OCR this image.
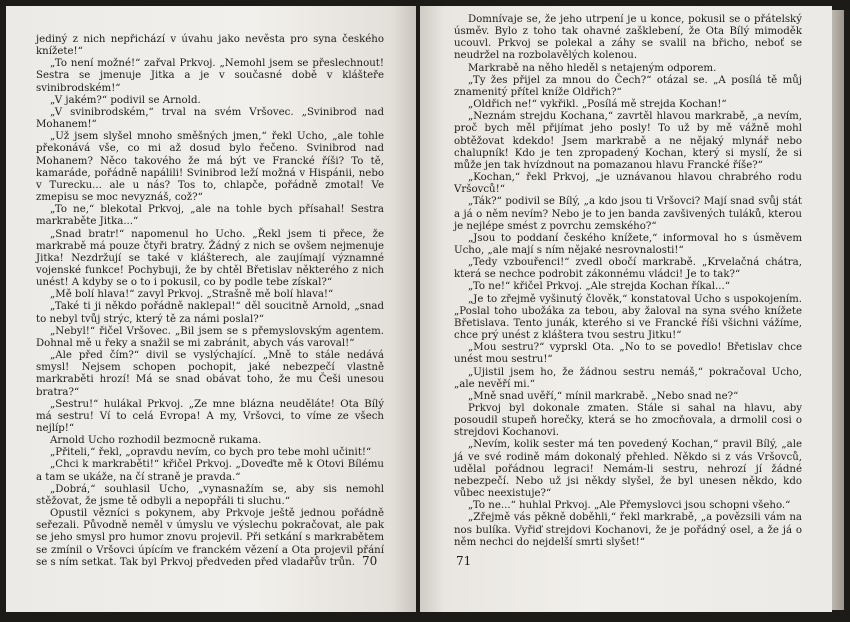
jediný z nich nepřichází v úvahu jako nevěsta pro syna českého knížete!“

„To není možné!“ zařval Prkvoj. „Nemohl jsem se přeslechnout! Sestra se jmenuje Jitka a je v současné době v klášteře svinibrodském!“

„V jakém?“ podivil se Arnold.

„V svinibrodském,“ trval na svém Vršovec. „Svinibrod nad Mohanem!“

„Už jsem slyšel mnoho směšných jmen,“ řekl Ucho, „ale tohle překonává vše, co mi až dosud bylo řečeno. Svinibrod nad Mohanem? Něco takového že má být ve Francké říši? To tě, kamaráde, pořádně napálili! Svinibrod leží možná v Hispánii, nebo v Turecku... ale u nás? Tos to, chlapče, pořádně zmotal! Ve zmepisu se moc nevyznáš, což?“

„To ne,“ blekotal Prkvoj, „ale na tohle bych přísahal! Sestra markraběte Jitka...“

„Snad bratr!“ napomenul ho Ucho. „Řekl jsem ti přece, že markrabě má pouze čtyři bratry. Žádný z nich se ovšem nejmenuje Jitka! Nezdržují se také v klášterech, ale zaujímají významné vojenské funkce! Pochybuji, že by chtěl Břetislav některého z nich unést! A kdyby se o to i pokusil, co by podle tebe získal?“

„Mě bolí hlava!“ zavyl Prkvoj. „Strašně mě bolí hlava!“

„Také ti ji někdo pořádně naklepal!“ děl soucitně Arnold, „snad to nebyl tvůj strýc, který tě za námi poslal?“

„Nebyl!“ řičel Vršovec. „Bil jsem se s přemyslovským agentem. Dohnal mě u řeky a snažil se mi zabránit, abych vás varoval!“

„Ale před čím?“ divil se vyslýchající. „Mně to stále nedává smysl! Nejsem schopen pochopit, jaké nebezpečí vlastně markraběti hrozí! Má se snad obávat toho, že mu Češi unesou bratra?“

„Sestru!“ hulákal Prkvoj. „Ze mne blázna neuděláte! Ota Bílý má sestru! Ví to celá Evropa! A my, Vršovci, to víme ze všech nejlíp!“

Arnold Ucho rozhodil bezmocně rukama.

„Přiteli,“ řekl, „opravdu nevím, co bych pro tebe mohl učinit!“

„Chci k markraběti!“ křičel Prkvoj. „Doveďte mě k Otovi Bílému a tam se ukáže, na čí straně je pravda.“

„Dobrá,“ souhlasil Ucho, „vynasnažím se, aby sis nemohl stěžovat, že jsme tě odbyli a nepopřáli ti sluchu.“

Opustil vězníci s pokynem, aby Prkvoje ještě jednou pořádně seřezali. Původně neměl v úmyslu ve výslechu pokračovat, ale pak se jeho smysl pro humor znovu projevil. Při setkání s markrabětem se zmínil o Vršovci úpícím ve franckém vězení a Ota projevil přání se s ním setkat. Tak byl Prkvoj předveden před vladařův trůn. 70

Domnívaje se, že jeho utrpení je u konce, pokusil se o přátelský úsměv. Bylo z toho tak ohavné zašklebení, že Ota Bílý mimoděk ucouvl. Prkvoj se polekal a záhy se svalil na břicho, neboť se neudržel na rozbolavělých kolenou.

Markrabě na něho hleděl s netajeným odporem.

„Ty žes přijel za mnou do Čech?“ otázal se. „A posílá tě můj znamenitý přítel kníže Oldřich?“

„Oldřich ne!“ vykřikl. „Posílá mě strejda Kochan!“

„Neznám strejdu Kochana,“ zavrtěl hlavou markrabě, „a nevím, proč bych měl přijímat jeho posly! To už by mě vážně mohl obtěžovat kdekdo! Jsem markrabě a ne nějaký mlynář nebo chalupník! Kdo je ten zpropadený Kochan, který si myslí, že si může jen tak hvízdnout na pomazanou hlavu Francké říše?“

„Kochan,“ řekl Prkvoj, „je uznávanou hlavou chrabrého rodu Vršovců!“

„Ták?“ podivil se Bílý, „a kdo jsou ti Vršovci? Mají snad svůj stát a já o něm nevím? Nebo je to jen banda zavšivených tuláků, kterou je nejlépe smést z povrchu zemského?“

„Jsou to poddaní českého knížete,“ informoval ho s úsměvem Ucho, „ale mají s ním nějaké nesrovnalosti!“

„Tedy vzbouřenci!“ zvedl obočí markrabě. „Krvelačná chátra, která se nechce podrobit zákonnému vládci! Je to tak?“

„To ne!“ křičel Prkvoj. „Ale strejda Kochan říkal...“

„Je to zřejmě vyšinutý člověk,“ konstatoval Ucho s uspokojením. „Poslal toho ubožáka za tebou, aby žaloval na syna svého knížete Břetislava. Tento junák, kterého si ve Francké říši všichni vážíme, chce prý unést z kláštera tvou sestru Jitku!“

„Mou sestru?“ vyprskl Ota. „No to se povedlo! Břetislav chce unést mou sestru!“

„Ujistil jsem ho, že žádnou sestru nemáš,“ pokračoval Ucho, „ale nevěří mi.“

„Mně snad uvěří,“ mínil markrabě. „Nebo snad ne?“

Prkvoj byl dokonale zmaten. Stále si sahal na hlavu, aby posoudil stupeň horečky, která se ho zmocňovala, a drmolil cosi o strejdovi Kochanovi.

„Nevím, kolik sester má ten povedený Kochan,“ pravil Bílý, „ale já ve své rodině mám dokonalý přehled. Někdo si z vás Vršovců, udělal pořádnou legraci! Nemám-li sestru, nehrozí jí žádné nebezpečí. Nebo už jsi někdy slyšel, že byl unesen někdo, kdo vůbec neexistuje?“

„To ne...“ huhlal Prkvoj. „Ale Přemyslovci jsou schopni všeho.“

„Zřejmě vás pěkně doběhli,“ řekl markrabě, „a povězsili vám na nos bulíka. Vyřiď strejdovi Kochanovi, že je pořádný osel, a že já o něm nechci do nejdelší smrti slyšet!“

71
